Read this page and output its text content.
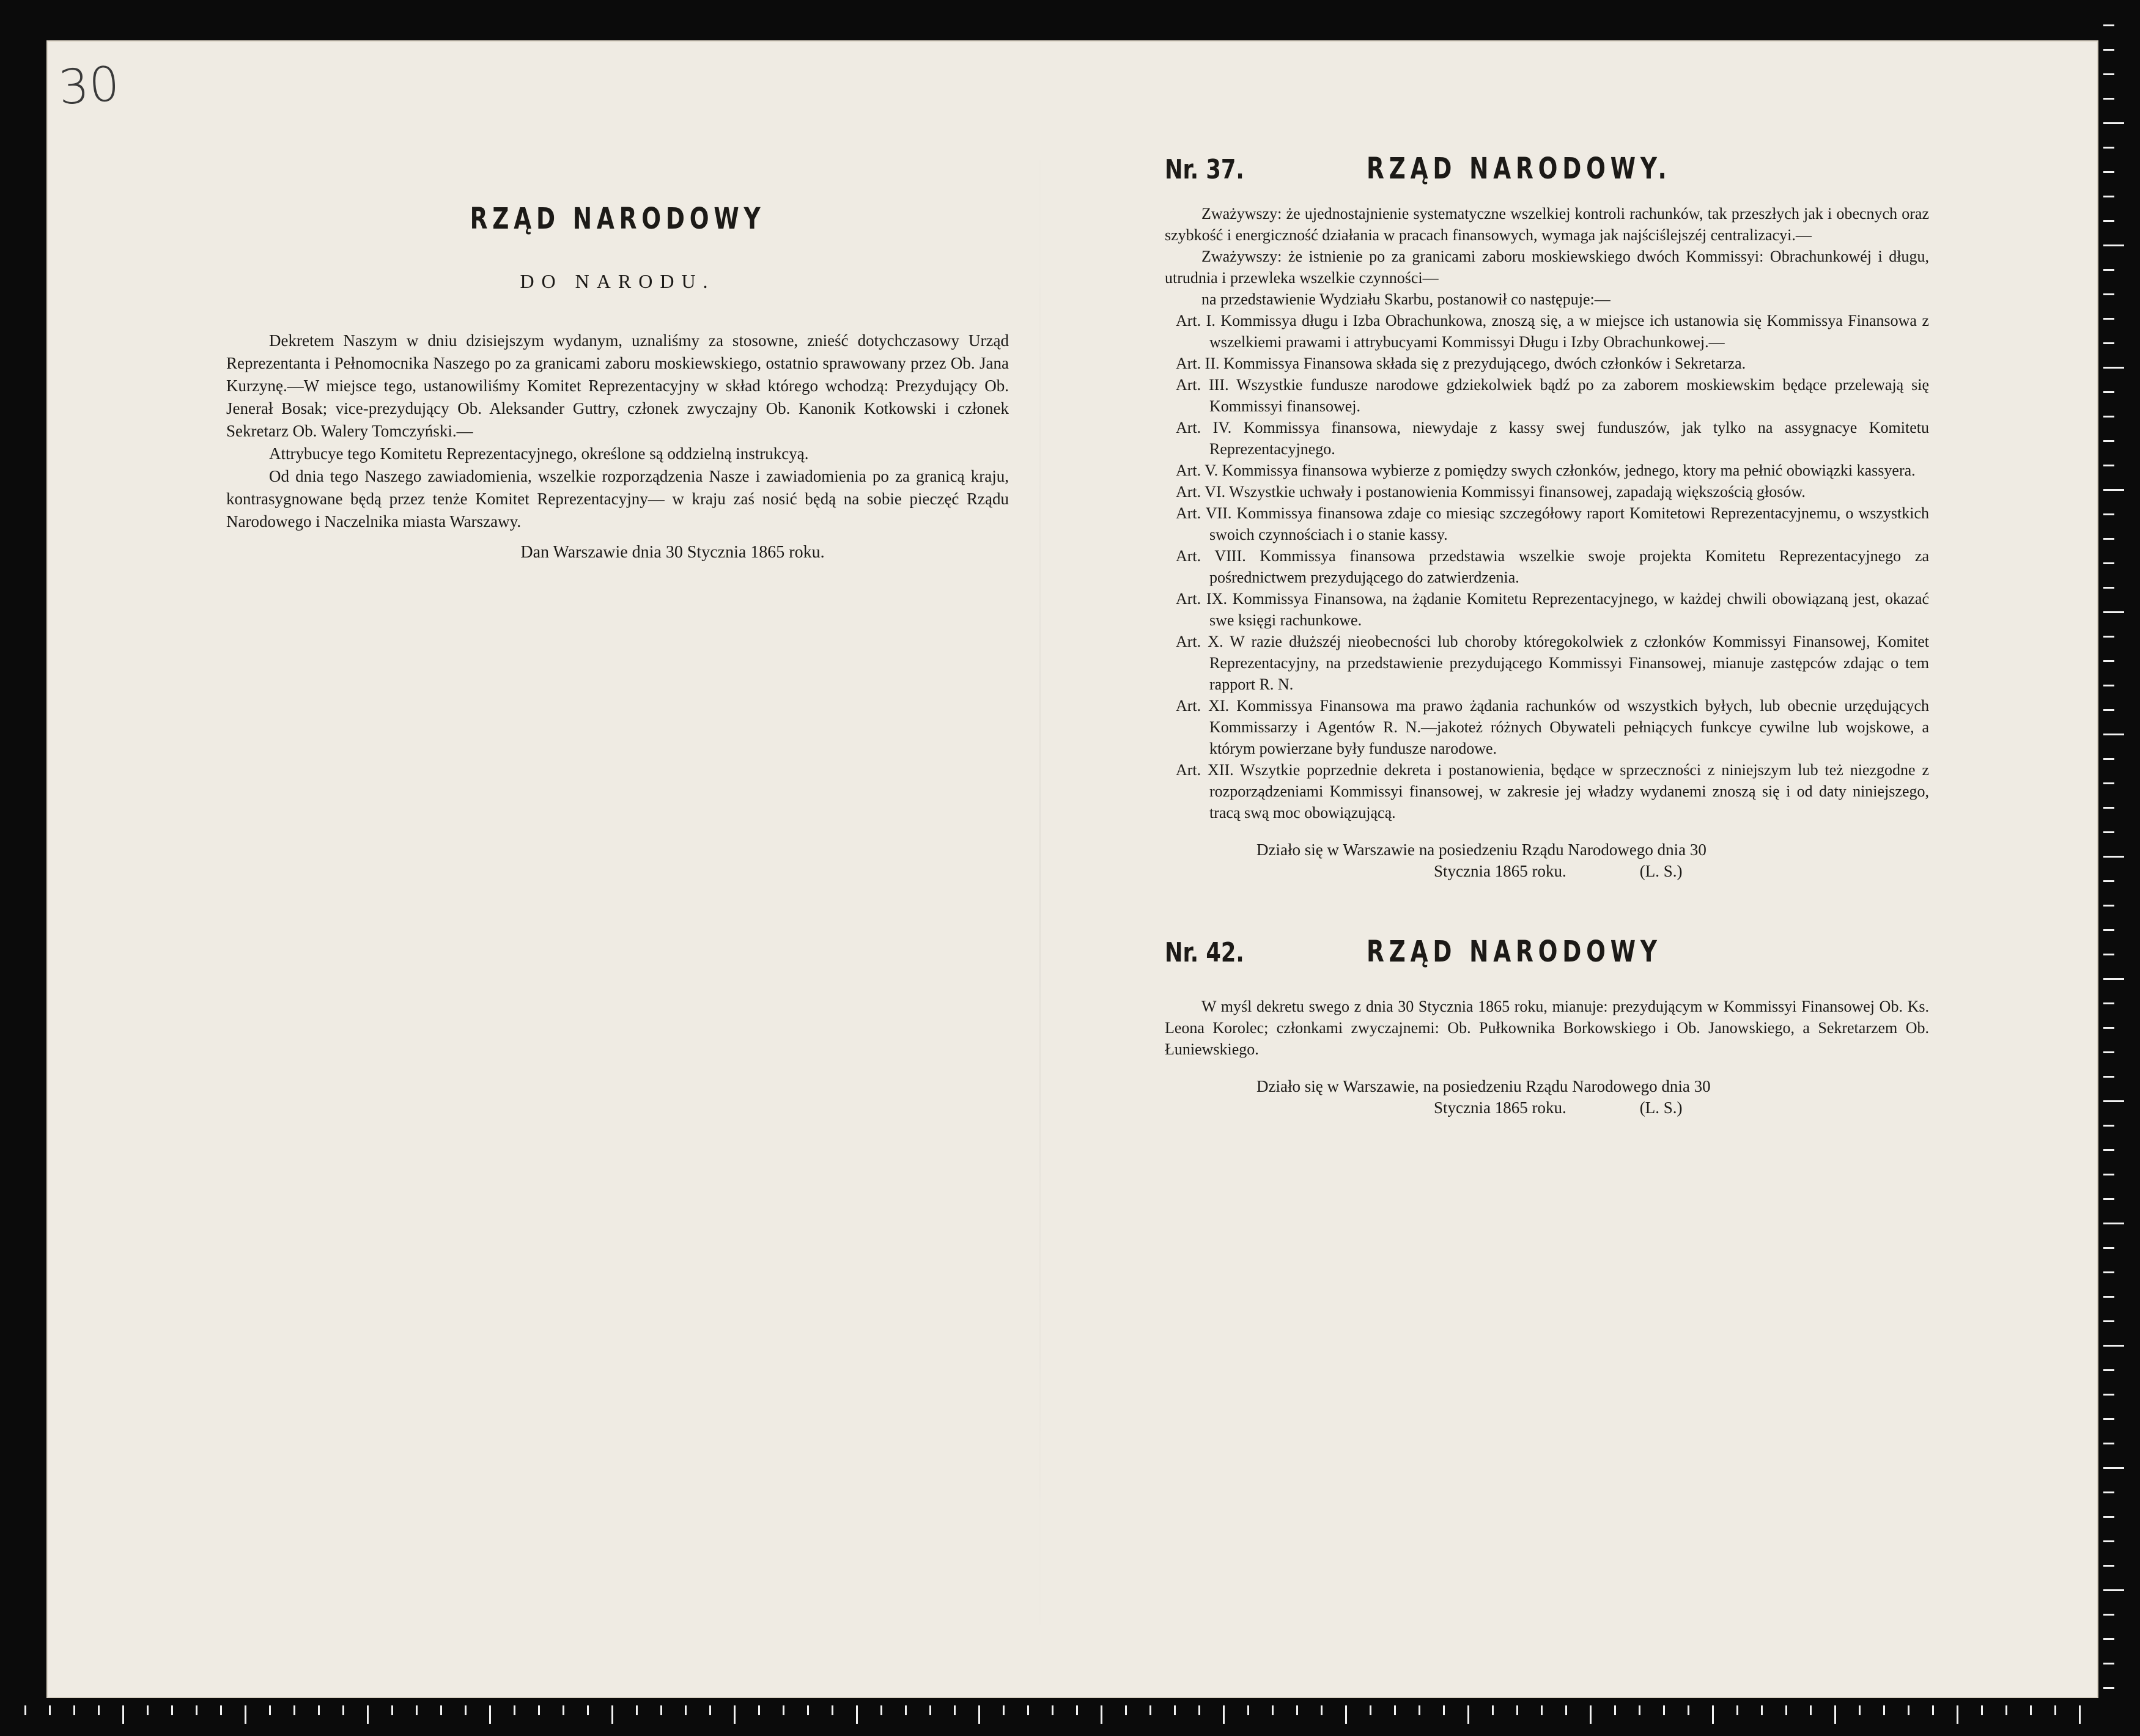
30
RZĄD NARODOWY
DO NARODU.

Dekretem Naszym w dniu dzisiejszym wydanym, uznaliśmy za stosowne, znieść dotychczasowy Urząd Reprezentanta i Pełnomocnika Naszego po za granicami zaboru moskiewskiego, ostatnio sprawowany przez Ob. Jana Kurzynę.—W miejsce tego, ustanowiliśmy Komitet Reprezentacyjny w skład którego wchodzą: Prezydujący Ob. Jenerał Bosak; vice-prezydujący Ob. Aleksander Guttry, członek zwyczajny Ob. Kanonik Kotkowski i członek Sekretarz Ob. Walery Tomczyński.—

Attrybucye tego Komitetu Reprezentacyjnego, określone są oddzielną instrukcyą.

Od dnia tego Naszego zawiadomienia, wszelkie rozporządzenia Nasze i zawiadomienia po za granicą kraju, kontrasygnowane będą przez tenże Komitet Reprezentacyjny— w kraju zaś nosić będą na sobie pieczęć Rządu Narodowego i Naczelnika miasta Warszawy.

Dan Warszawie dnia 30 Stycznia 1865 roku.
Nr. 37.	RZĄD NARODOWY.

Zważywszy: że ujednostajnienie systematyczne wszelkiej kontroli rachunków, tak przeszłych jak i obecnych oraz szybkość i energiczność działania w pracach finansowych, wymaga jak najściślejszéj centralizacyi.—

Zważywszy: że istnienie po za granicami zaboru moskiewskiego dwóch Kommissyi: Obrachunkowéj i długu, utrudnia i przewleka wszelkie czynności—

na przedstawienie Wydziału Skarbu, postanowił co następuje:—

Art. I. Kommissya długu i Izba Obrachunkowa, znoszą się, a w miejsce ich ustanowia się Kommissya Finansowa z wszelkiemi prawami i attrybucyami Kommissyi Długu i Izby Obrachunkowej.—

Art. II. Kommissya Finansowa składa się z prezydującego, dwóch członków i Sekretarza.

Art. III. Wszystkie fundusze narodowe gdziekolwiek bądź po za zaborem moskiewskim będące przelewają się Kommissyi finansowej.

Art. IV. Kommissya finansowa, niewydaje z kassy swej funduszów, jak tylko na assygnacye Komitetu Reprezentacyjnego.

Art. V. Kommissya finansowa wybierze z pomiędzy swych członków, jednego, ktory ma pełnić obowiązki kassyera.

Art. VI. Wszystkie uchwały i postanowienia Kommissyi finansowej, zapadają większością głosów.

Art. VII. Kommissya finansowa zdaje co miesiąc szczegółowy raport Komitetowi Reprezentacyjnemu, o wszystkich swoich czynnościach i o stanie kassy.

Art. VIII. Kommissya finansowa przedstawia wszelkie swoje projekta Komitetu Reprezentacyjnego za pośrednictwem prezydującego do zatwierdzenia.

Art. IX. Kommissya Finansowa, na żądanie Komitetu Reprezentacyjnego, w każdej chwili obowiązaną jest, okazać swe księgi rachunkowe.

Art. X. W razie dłuższéj nieobecności lub choroby któregokolwiek z członków Kommissyi Finansowej, Komitet Reprezentacyjny, na przedstawienie prezydującego Kommissyi Finansowej, mianuje zastępców zdając o tem rapport R. N.

Art. XI. Kommissya Finansowa ma prawo żądania rachunków od wszystkich byłych, lub obecnie urzędujących Kommissarzy i Agentów R. N.—jakoteż różnych Obywateli pełniących funkcye cywilne lub wojskowe, a którym powierzane były fundusze narodowe.

Art. XII. Wszytkie poprzednie dekreta i postanowienia, będące w sprzeczności z niniejszym lub też niezgodne z rozporządzeniami Kommissyi finansowej, w zakresie jej władzy wydanemi znoszą się i od daty niniejszego, tracą swą moc obowiązującą.

Działo się w Warszawie na posiedzeniu Rządu Narodowego dnia 30
Stycznia 1865 roku.	(L. S.)
Nr. 42.	RZĄD NARODOWY

W myśl dekretu swego z dnia 30 Stycznia 1865 roku, mianuje: prezydującym w Kommissyi Finansowej Ob. Ks. Leona Korolec; członkami zwyczajnemi: Ob. Pułkownika Borkowskiego i Ob. Janowskiego, a Sekretarzem Ob. Łuniewskiego.

Działo się w Warszawie, na posiedzeniu Rządu Narodowego dnia 30
Stycznia 1865 roku.	(L. S.)
